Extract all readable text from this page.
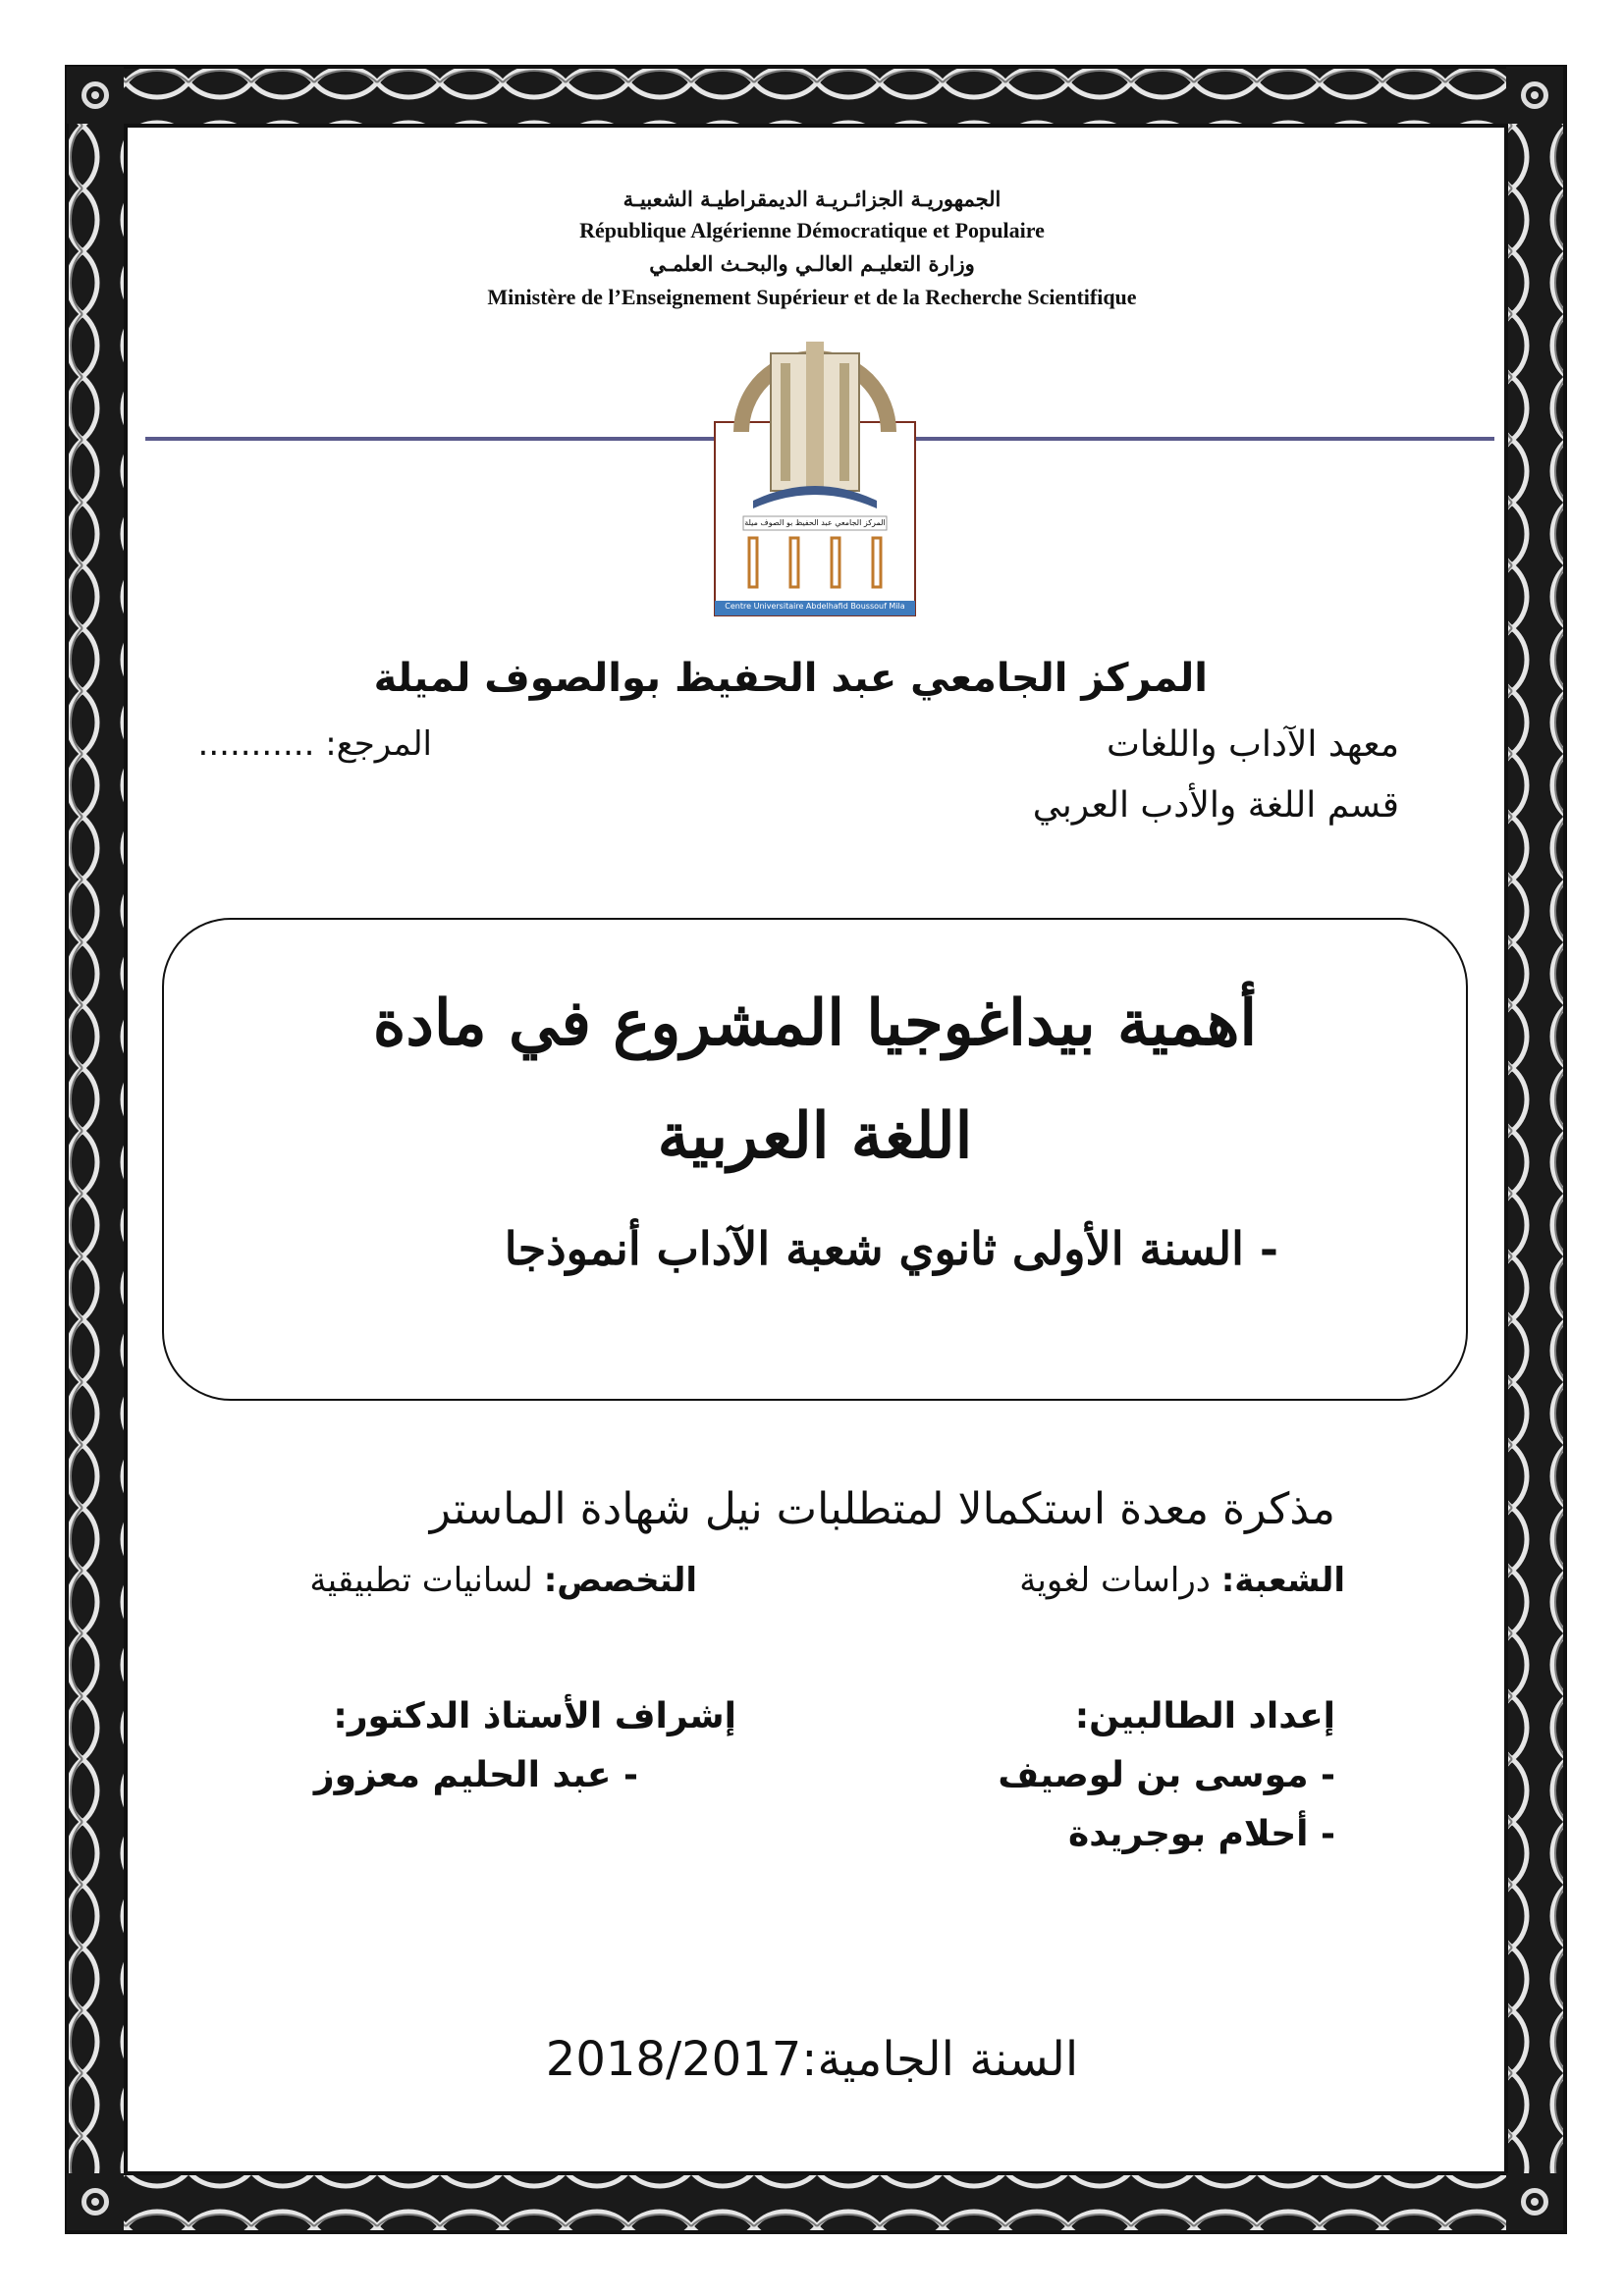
الجمهوريـة الجزائـريـة الديمقراطيـة الشعبيـة
République Algérienne Démocratique et Populaire
وزارة التعليـم العالـي والبحـث العلمـي
Ministère de l’Enseignement Supérieur et de la Recherche Scientifique
المركز الجامعي عبد الحفيظ بو الصوف ميلة
Centre Universitaire Abdelhafid Boussouf Mila
المركز الجامعي عبد الحفيظ بوالصوف لميلة
معهد الآداب واللغات
المرجع: ...........
قسم اللغة والأدب العربي
أهمية بيداغوجيا المشروع في مادة
اللغة العربية
- السنة الأولى ثانوي شعبة الآداب أنموذجا
مذكرة معدة استكمالا لمتطلبات نيل شهادة الماستر
الشعبة: دراسات لغوية
التخصص: لسانيات تطبيقية
إعداد الطالبين:
- موسى بن لوصيف
- أحلام بوجريدة
إشراف الأستاذ الدكتور:
- عبد الحليم معزوز
السنة الجامية:2018/2017
